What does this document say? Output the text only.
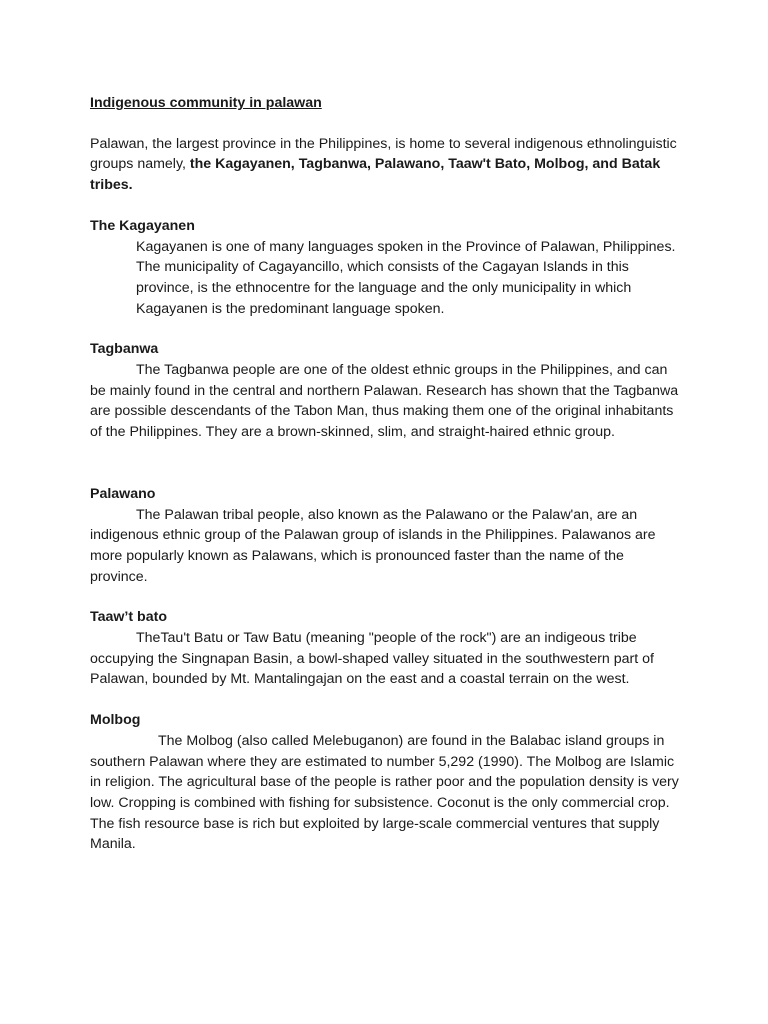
Indigenous community in palawan

Palawan, the largest province in the Philippines, is home to several indigenous ethnolinguistic groups namely, the Kagayanen, Tagbanwa, Palawano, Taaw't Bato, Molbog, and Batak tribes.

The Kagayanen

Kagayanen is one of many languages spoken in the Province of Palawan, Philippines. The municipality of Cagayancillo, which consists of the Cagayan Islands in this province, is the ethnocentre for the language and the only municipality in which Kagayanen is the predominant language spoken.

Tagbanwa

The Tagbanwa people are one of the oldest ethnic groups in the Philippines, and can be mainly found in the central and northern Palawan. Research has shown that the Tagbanwa are possible descendants of the Tabon Man, thus making them one of the original inhabitants of the Philippines. They are a brown-skinned, slim, and straight-haired ethnic group.

Palawano

The Palawan tribal people, also known as the Palawano or the Palaw'an, are an indigenous ethnic group of the Palawan group of islands in the Philippines. Palawanos are more popularly known as Palawans, which is pronounced faster than the name of the province.

Taaw’t bato

TheTau't Batu or Taw Batu (meaning "people of the rock") are an indigeous tribe occupying the Singnapan Basin, a bowl-shaped valley situated in the southwestern part of Palawan, bounded by Mt. Mantalingajan on the east and a coastal terrain on the west.

Molbog

The Molbog (also called Melebuganon) are found in the Balabac island groups in southern Palawan where they are estimated to number 5,292 (1990). The Molbog are Islamic in religion. The agricultural base of the people is rather poor and the population density is very low. Cropping is combined with fishing for subsistence. Coconut is the only commercial crop. The fish resource base is rich but exploited by large-scale commercial ventures that supply Manila.
